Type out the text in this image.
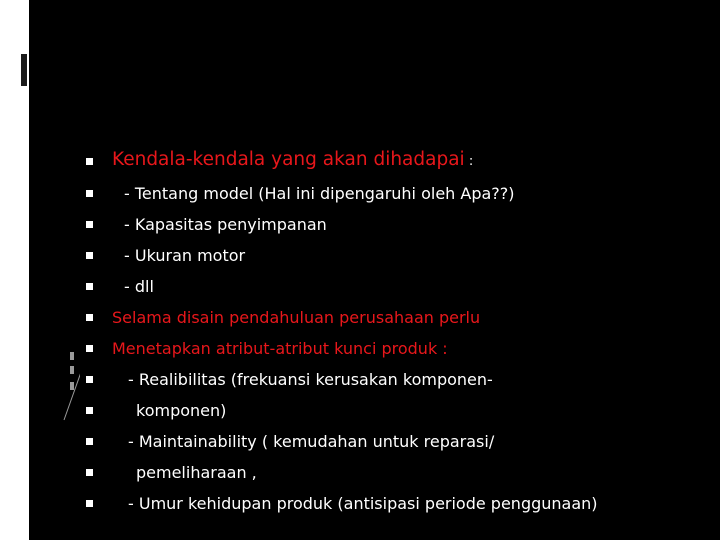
Kendala-kendala yang akan dihadapai :
- Tentang model (Hal ini dipengaruhi oleh Apa??)
- Kapasitas penyimpanan
- Ukuran motor
- dll
Selama disain pendahuluan perusahaan perlu
Menetapkan atribut-atribut kunci produk :
- Realibilitas (frekuansi kerusakan komponen-
komponen)
- Maintainability ( kemudahan untuk reparasi/
pemeliharaan ,
- Umur kehidupan produk (antisipasi periode penggunaan)
